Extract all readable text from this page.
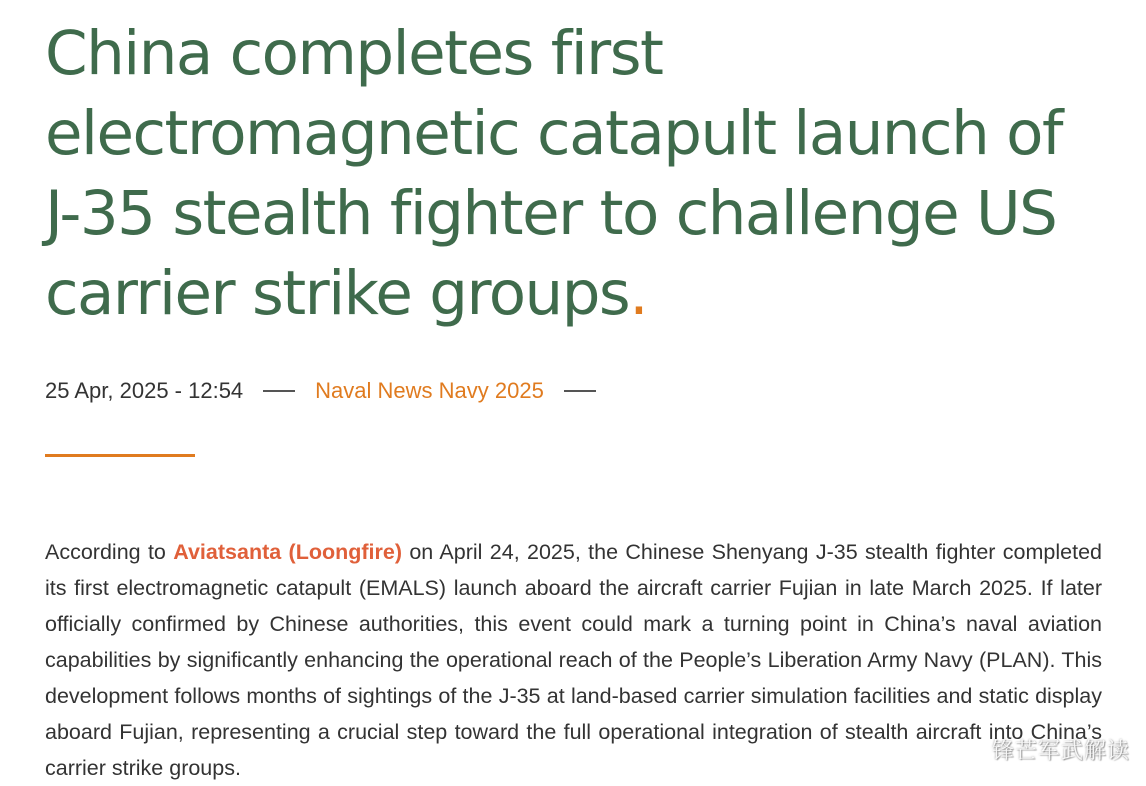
China completes first electromagnetic catapult launch of J-35 stealth fighter to challenge US carrier strike groups.
25 Apr, 2025 - 12:54	Naval News Navy 2025

According to Aviatsanta (Loongfire) on April 24, 2025, the Chinese Shenyang J-35 stealth fighter completed its first electromagnetic catapult (EMALS) launch aboard the aircraft carrier Fujian in late March 2025. If later officially confirmed by Chinese authorities, this event could mark a turning point in China’s naval aviation capabilities by significantly enhancing the operational reach of the People’s Liberation Army Navy (PLAN). This development follows months of sightings of the J-35 at land-based carrier simulation facilities and static display aboard Fujian, representing a crucial step toward the full operational integration of stealth aircraft into China’s carrier strike groups.

锋芒军武解读
